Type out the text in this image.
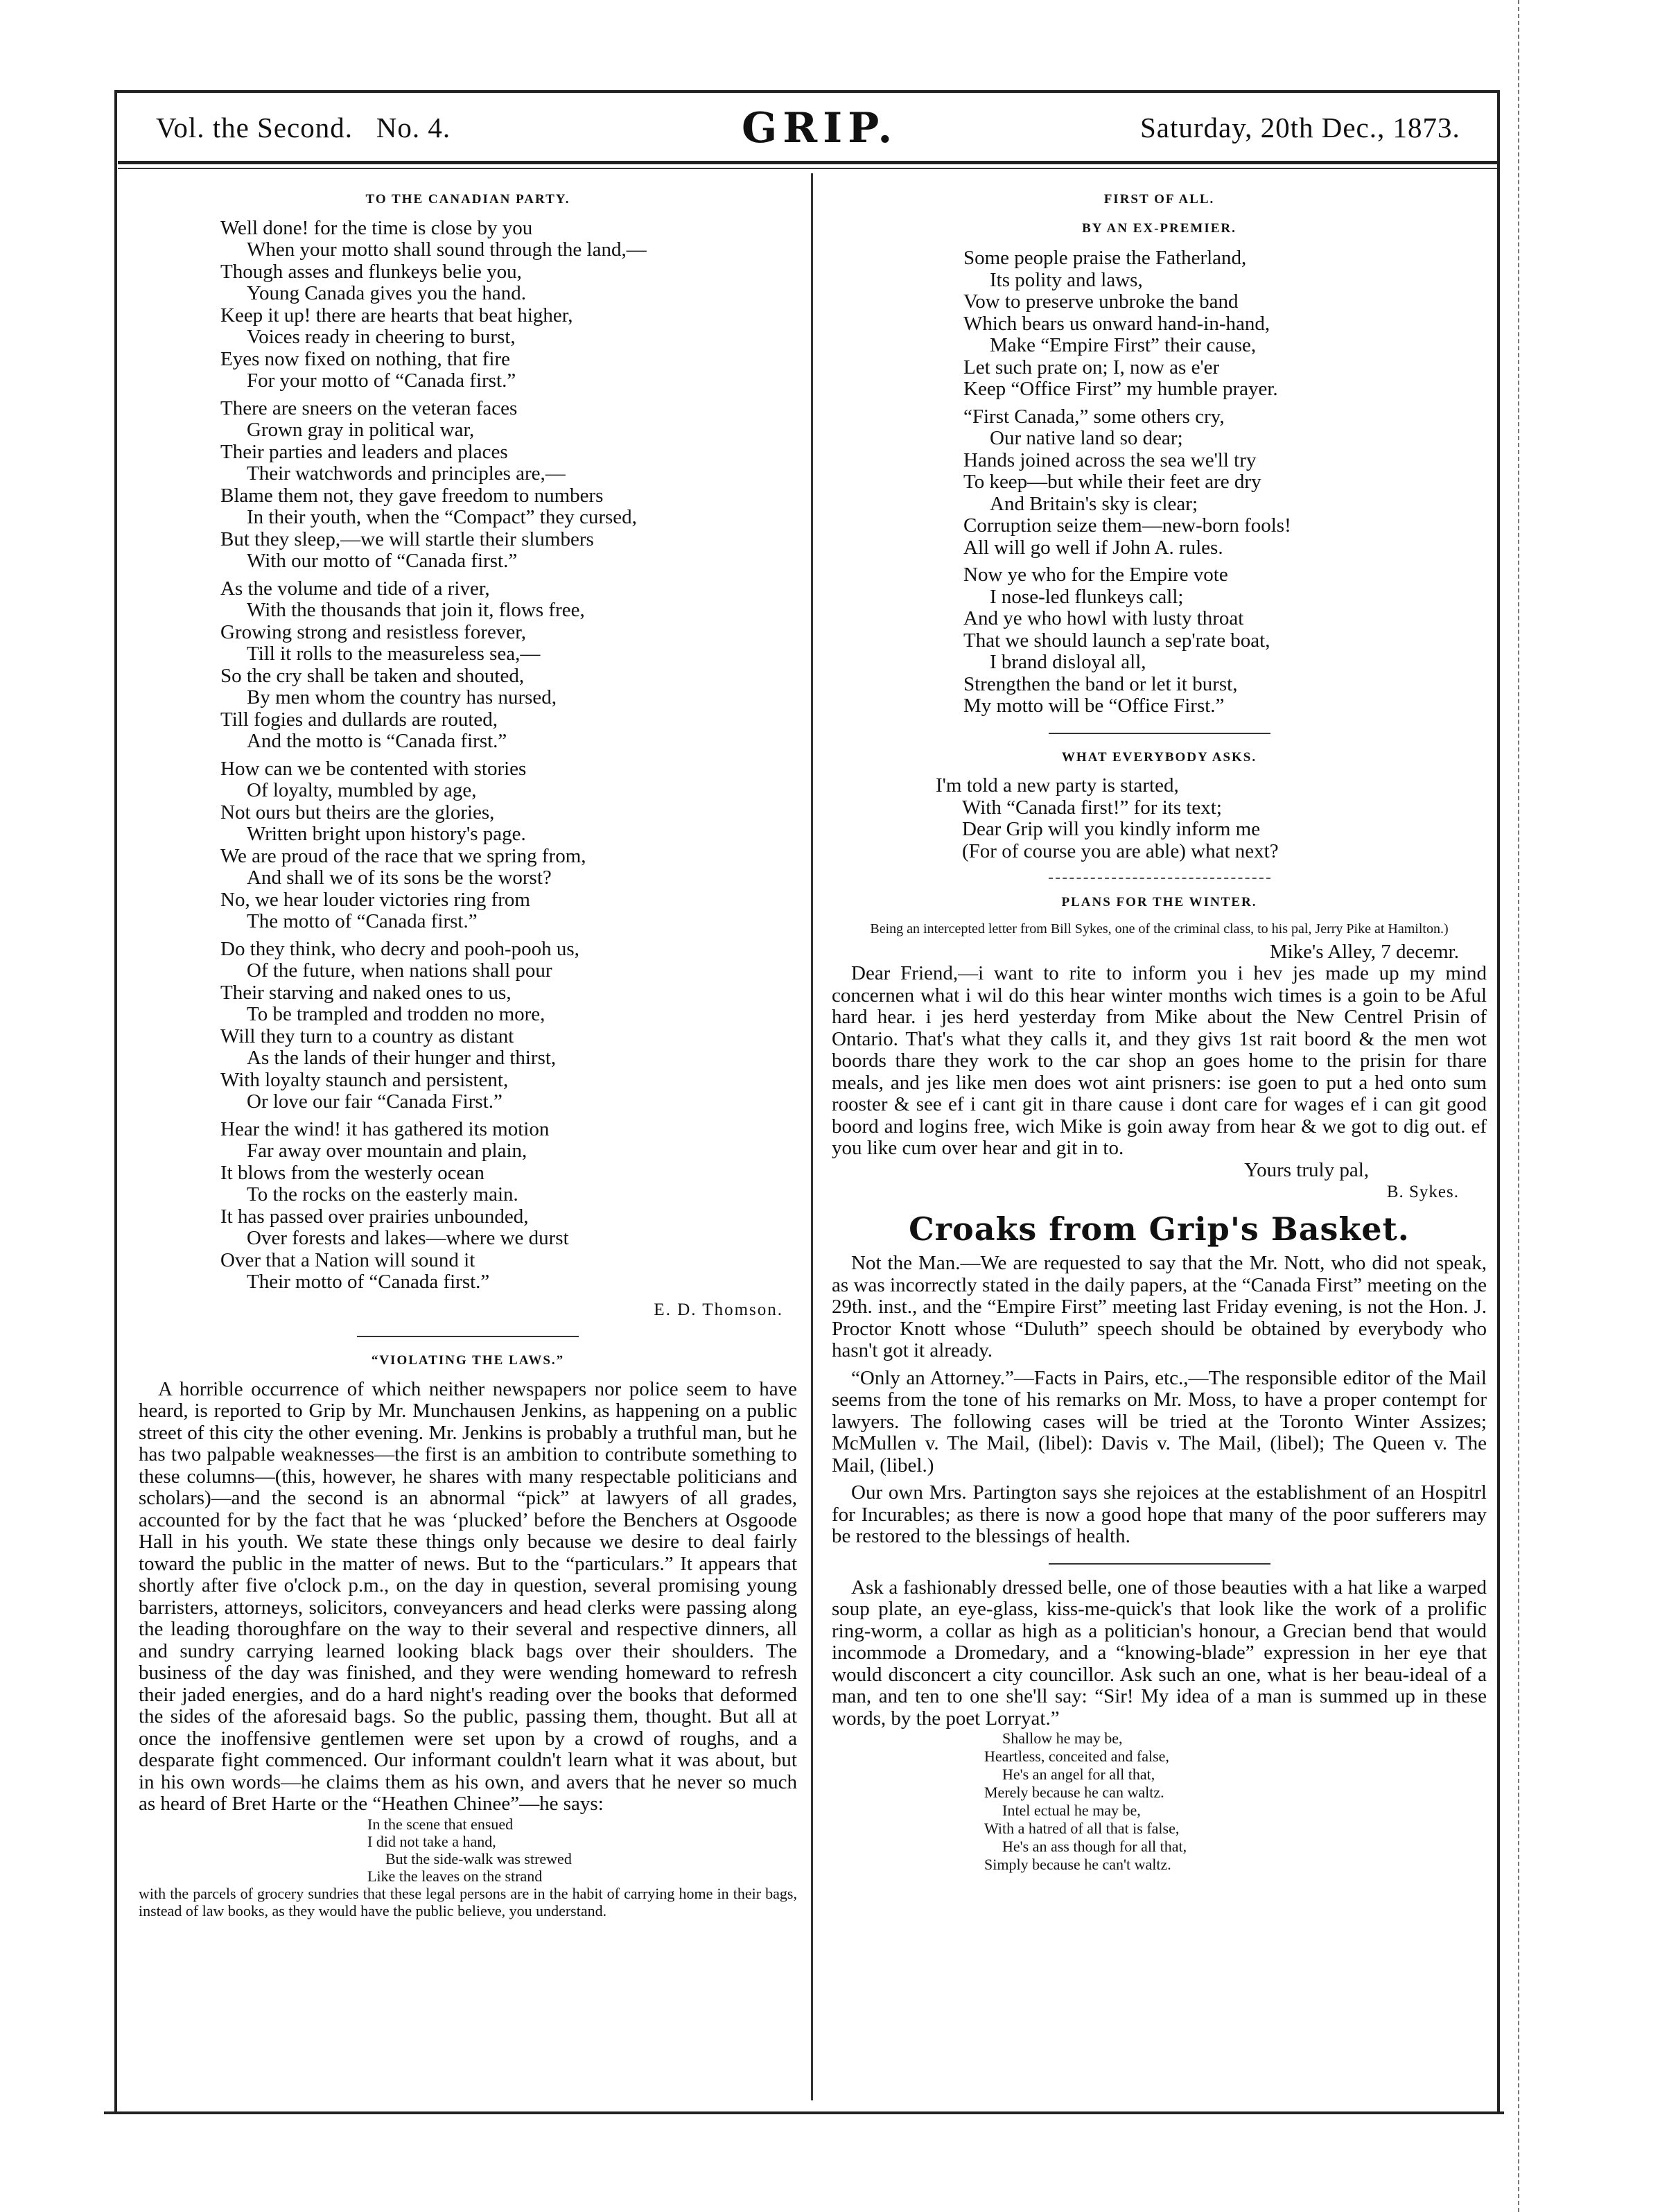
Vol. the Second. No. 4.	GRIP.	Saturday, 20th Dec., 1873.
TO THE CANADIAN PARTY.
Well done! for the time is close by you
When your motto shall sound through the land,—
Though asses and flunkeys belie you,
Young Canada gives you the hand.
Keep it up! there are hearts that beat higher,
Voices ready in cheering to burst,
Eyes now fixed on nothing, that fire
For your motto of “Canada first.”
There are sneers on the veteran faces
Grown gray in political war,
Their parties and leaders and places
Their watchwords and principles are,—
Blame them not, they gave freedom to numbers
In their youth, when the “Compact” they cursed,
But they sleep,—we will startle their slumbers
With our motto of “Canada first.”
As the volume and tide of a river,
With the thousands that join it, flows free,
Growing strong and resistless forever,
Till it rolls to the measureless sea,—
So the cry shall be taken and shouted,
By men whom the country has nursed,
Till fogies and dullards are routed,
And the motto is “Canada first.”
How can we be contented with stories
Of loyalty, mumbled by age,
Not ours but theirs are the glories,
Written bright upon history's page.
We are proud of the race that we spring from,
And shall we of its sons be the worst?
No, we hear louder victories ring from
The motto of “Canada first.”
Do they think, who decry and pooh-pooh us,
Of the future, when nations shall pour
Their starving and naked ones to us,
To be trampled and trodden no more,
Will they turn to a country as distant
As the lands of their hunger and thirst,
With loyalty staunch and persistent,
Or love our fair “Canada First.”
Hear the wind! it has gathered its motion
Far away over mountain and plain,
It blows from the westerly ocean
To the rocks on the easterly main.
It has passed over prairies unbounded,
Over forests and lakes—where we durst
Over that a Nation will sound it
Their motto of “Canada first.”
E. D. Thomson.
“VIOLATING THE LAWS.”

A horrible occurrence of which neither newspapers nor police seem to have heard, is reported to Grip by Mr. Munchausen Jenkins, as happening on a public street of this city the other evening. Mr. Jenkins is probably a truthful man, but he has two palpable weaknesses—the first is an ambition to contribute something to these columns—(this, however, he shares with many respectable politicians and scholars)—and the second is an abnormal “pick” at lawyers of all grades, accounted for by the fact that he was ‘plucked’ before the Benchers at Osgoode Hall in his youth. We state these things only because we desire to deal fairly toward the public in the matter of news. But to the “particulars.” It appears that shortly after five o'clock p.m., on the day in question, several promising young barristers, attorneys, solicitors, conveyancers and head clerks were passing along the leading thoroughfare on the way to their several and respective dinners, all and sundry carrying learned looking black bags over their shoulders. The business of the day was finished, and they were wending homeward to refresh their jaded energies, and do a hard night's reading over the books that deformed the sides of the aforesaid bags. So the public, passing them, thought. But all at once the inoffensive gentlemen were set upon by a crowd of roughs, and a desparate fight commenced. Our informant couldn't learn what it was about, but in his own words—he claims them as his own, and avers that he never so much as heard of Bret Harte or the “Heathen Chinee”—he says:

In the scene that ensued
I did not take a hand,
But the side-walk was strewed
Like the leaves on the strand

with the parcels of grocery sundries that these legal persons are in the habit of carrying home in their bags, instead of law books, as they would have the public believe, you understand.

FIRST OF ALL.
BY AN EX-PREMIER.
Some people praise the Fatherland,
Its polity and laws,
Vow to preserve unbroke the band
Which bears us onward hand-in-hand,
Make “Empire First” their cause,
Let such prate on; I, now as e'er
Keep “Office First” my humble prayer.
“First Canada,” some others cry,
Our native land so dear;
Hands joined across the sea we'll try
To keep—but while their feet are dry
And Britain's sky is clear;
Corruption seize them—new-born fools!
All will go well if John A. rules.
Now ye who for the Empire vote
I nose-led flunkeys call;
And ye who howl with lusty throat
That we should launch a sep'rate boat,
I brand disloyal all,
Strengthen the band or let it burst,
My motto will be “Office First.”
WHAT EVERYBODY ASKS.
I'm told a new party is started,
With “Canada first!” for its text;
Dear Grip will you kindly inform me
(For of course you are able) what next?
PLANS FOR THE WINTER.
Being an intercepted letter from Bill Sykes, one of the criminal class, to his pal, Jerry Pike at Hamilton.)
Mike's Alley, 7 decemr.

Dear Friend,—i want to rite to inform you i hev jes made up my mind concernen what i wil do this hear winter months wich times is a goin to be Aful hard hear. i jes herd yesterday from Mike about the New Centrel Prisin of Ontario. That's what they calls it, and they givs 1st rait boord & the men wot boords thare they work to the car shop an goes home to the prisin for thare meals, and jes like men does wot aint prisners: ise goen to put a hed onto sum rooster & see ef i cant git in thare cause i dont care for wages ef i can git good boord and logins free, wich Mike is goin away from hear & we got to dig out. ef you like cum over hear and git in to.

Yours truly pal,
B. Sykes.
Croaks from Grip's Basket.

Not the Man.—We are requested to say that the Mr. Nott, who did not speak, as was incorrectly stated in the daily papers, at the “Canada First” meeting on the 29th. inst., and the “Empire First” meeting last Friday evening, is not the Hon. J. Proctor Knott whose “Duluth” speech should be obtained by everybody who hasn't got it already.

“Only an Attorney.”—Facts in Pairs, etc.,—The responsible editor of the Mail seems from the tone of his remarks on Mr. Moss, to have a proper contempt for lawyers. The following cases will be tried at the Toronto Winter Assizes; McMullen v. The Mail, (libel): Davis v. The Mail, (libel); The Queen v. The Mail, (libel.)

Our own Mrs. Partington says she rejoices at the establishment of an Hospitrl for Incurables; as there is now a good hope that many of the poor sufferers may be restored to the blessings of health.

Ask a fashionably dressed belle, one of those beauties with a hat like a warped soup plate, an eye-glass, kiss-me-quick's that look like the work of a prolific ring-worm, a collar as high as a politician's honour, a Grecian bend that would incommode a Dromedary, and a “knowing-blade” expression in her eye that would disconcert a city councillor. Ask such an one, what is her beau-ideal of a man, and ten to one she'll say: “Sir! My idea of a man is summed up in these words, by the poet Lorryat.”

Shallow he may be,
Heartless, conceited and false,
He's an angel for all that,
Merely because he can waltz.
Intel ectual he may be,
With a hatred of all that is false,
He's an ass though for all that,
Simply because he can't waltz.
